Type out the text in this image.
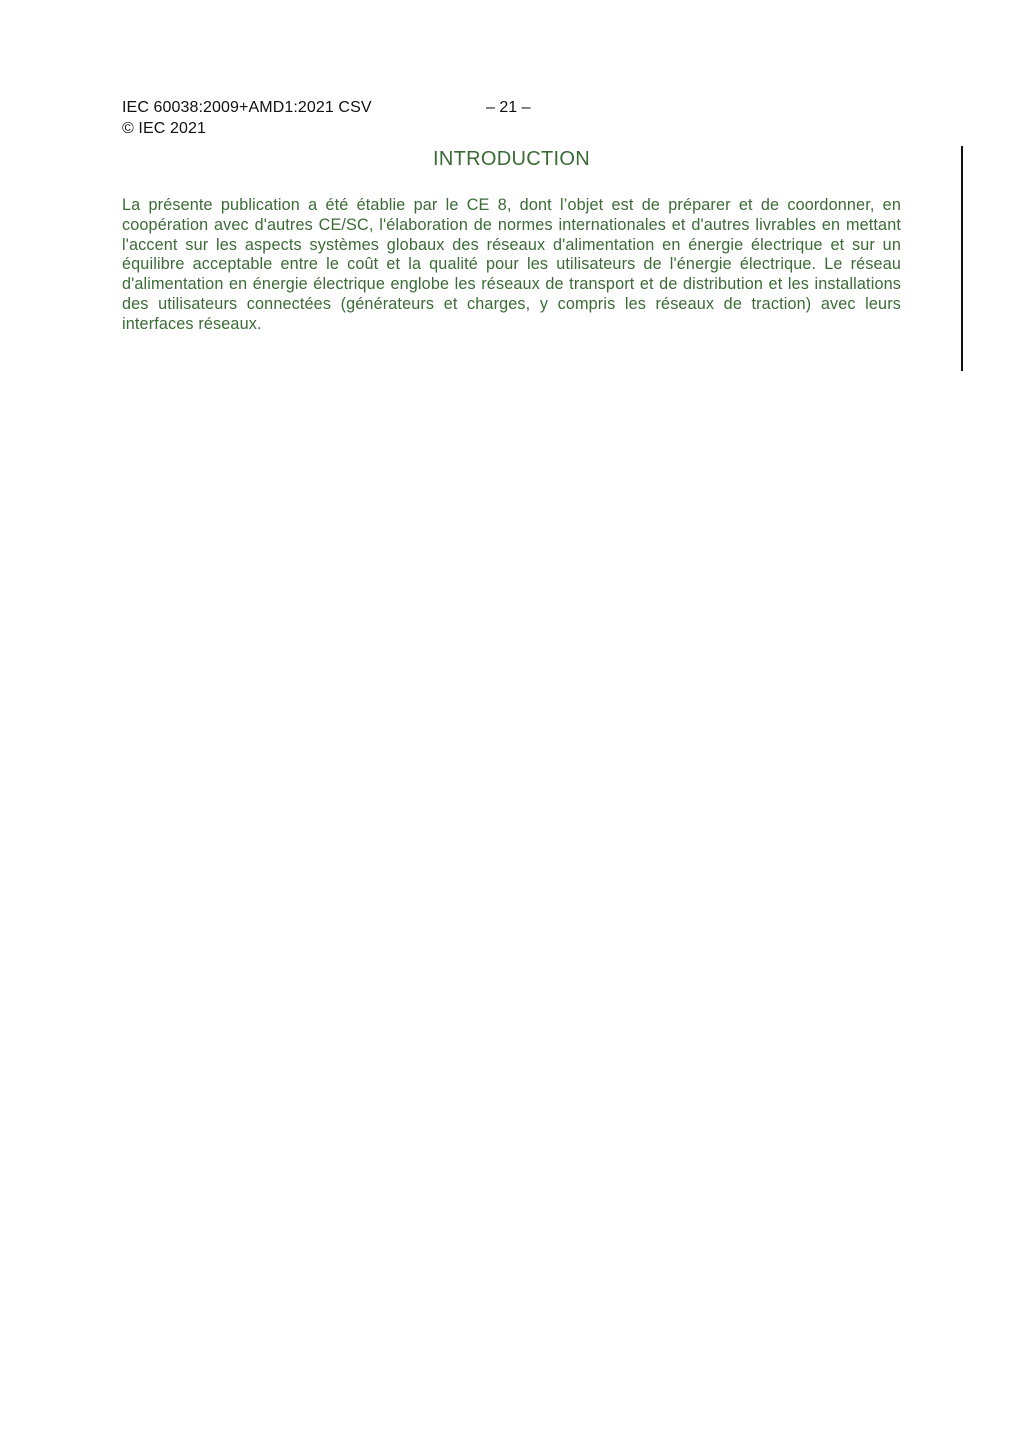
IEC 60038:2009+AMD1:2021 CSV
© IEC 2021
– 21 –
INTRODUCTION

La présente publication a été établie par le CE 8, dont l’objet est de préparer et de coordonner, en coopération avec d'autres CE/SC, l'élaboration de normes internationales et d'autres livrables en mettant l'accent sur les aspects systèmes globaux des réseaux d'alimentation en énergie électrique et sur un équilibre acceptable entre le coût et la qualité pour les utilisateurs de l'énergie électrique. Le réseau d'alimentation en énergie électrique englobe les réseaux de transport et de distribution et les installations des utilisateurs connectées (générateurs et charges, y compris les réseaux de traction) avec leurs interfaces réseaux.
